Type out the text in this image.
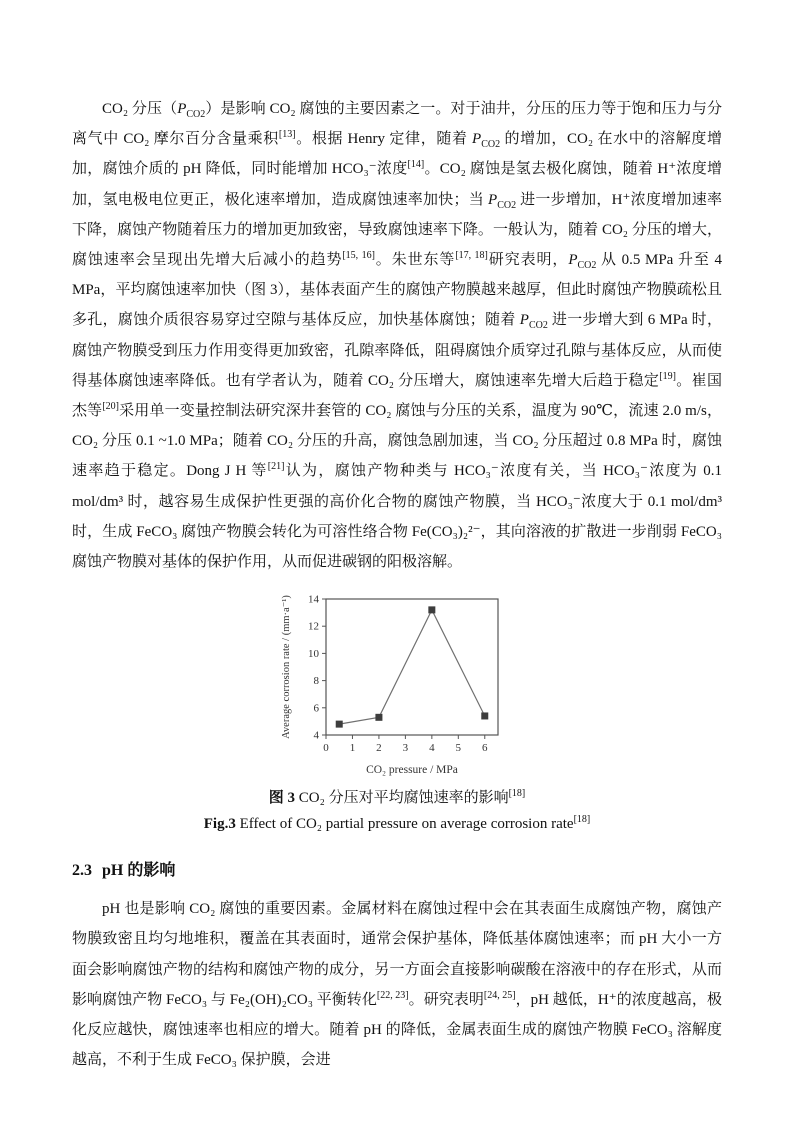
CO₂ 分压$(P_{CO2})$是影响 CO₂ 腐蚀的主要因素之一。对于油井，分压的压力等于饱和压力与分离气中 CO₂ 摩尔百分含量乘积[13]。根据 Henry 定律，随着 $P_{CO2}$ 的增加，CO₂ 在水中的溶解度增加，腐蚀介质的 pH 降低，同时能增加 HCO₃⁻浓度[14]。CO₂ 腐蚀是氢去极化腐蚀，随着 H⁺浓度增加，氢电极电位更正，极化速率增加，造成腐蚀速率加快；当 $P_{CO2}$ 进一步增加，H⁺浓度增加速率下降，腐蚀产物随着压力的增加更加致密，导致腐蚀速率下降。一般认为，随着 CO₂ 分压的增大，腐蚀速率会呈现出先增大后减小的趋势[15, 16]。朱世东等[17, 18]研究表明，$P_{CO2}$ 从 0.5 MPa 升至 4 MPa，平均腐蚀速率加快（图 3），基体表面产生的腐蚀产物膜越来越厚，但此时腐蚀产物膜疏松且多孔，腐蚀介质很容易穿过空隙与基体反应，加快基体腐蚀；随着 $P_{CO2}$ 进一步增大到 6 MPa 时，腐蚀产物膜受到压力作用变得更加致密，孔隙率降低，阻碍腐蚀介质穿过孔隙与基体反应，从而使得基体腐蚀速率降低。也有学者认为，随着 CO₂ 分压增大，腐蚀速率先增大后趋于稳定[19]。崔国杰等[20]采用单一变量控制法研究深井套管的 CO₂ 腐蚀与分压的关系，温度为 90℃，流速 2.0 m/s，CO₂ 分压 0.1 ~1.0 MPa；随着 CO₂ 分压的升高，腐蚀急剧加速，当 CO₂ 分压超过 0.8 MPa 时，腐蚀速率趋于稳定。Dong J H 等[21]认为，腐蚀产物种类与 HCO₃⁻浓度有关，当 HCO₃⁻浓度为 0.1 mol/dm³ 时，越容易生成保护性更强的高价化合物的腐蚀产物膜，当 HCO₃⁻浓度大于 0.1 mol/dm³ 时，生成 FeCO₃ 腐蚀产物膜会转化为可溶性络合物 Fe(CO₃)₂²⁻，其向溶液的扩散进一步削弱 FeCO₃ 腐蚀产物膜对基体的保护作用，从而促进碳钢的阳极溶解。

0 1 2 3 4 5 6
4
6
8
10
12
14
CO₂ pressure / MPa
Average corrosion rate / (mm·a⁻¹)
图 3 CO₂ 分压对平均腐蚀速率的影响[18]
Fig.3 Effect of CO₂ partial pressure on average corrosion rate[18]
2.3 pH 的影响

pH 也是影响 CO₂ 腐蚀的重要因素。金属材料在腐蚀过程中会在其表面生成腐蚀产物，腐蚀产物膜致密且均匀地堆积，覆盖在其表面时，通常会保护基体，降低基体腐蚀速率；而 pH 大小一方面会影响腐蚀产物的结构和腐蚀产物的成分，另一方面会直接影响碳酸在溶液中的存在形式，从而影响腐蚀产物 FeCO₃ 与 Fe₂(OH)₂CO₃ 平衡转化[22, 23]。研究表明[24, 25]，pH 越低，H⁺的浓度越高，极化反应越快，腐蚀速率也相应的增大。随着 pH 的降低，金属表面生成的腐蚀产物膜 FeCO₃ 溶解度越高，不利于生成 FeCO₃ 保护膜，会进
